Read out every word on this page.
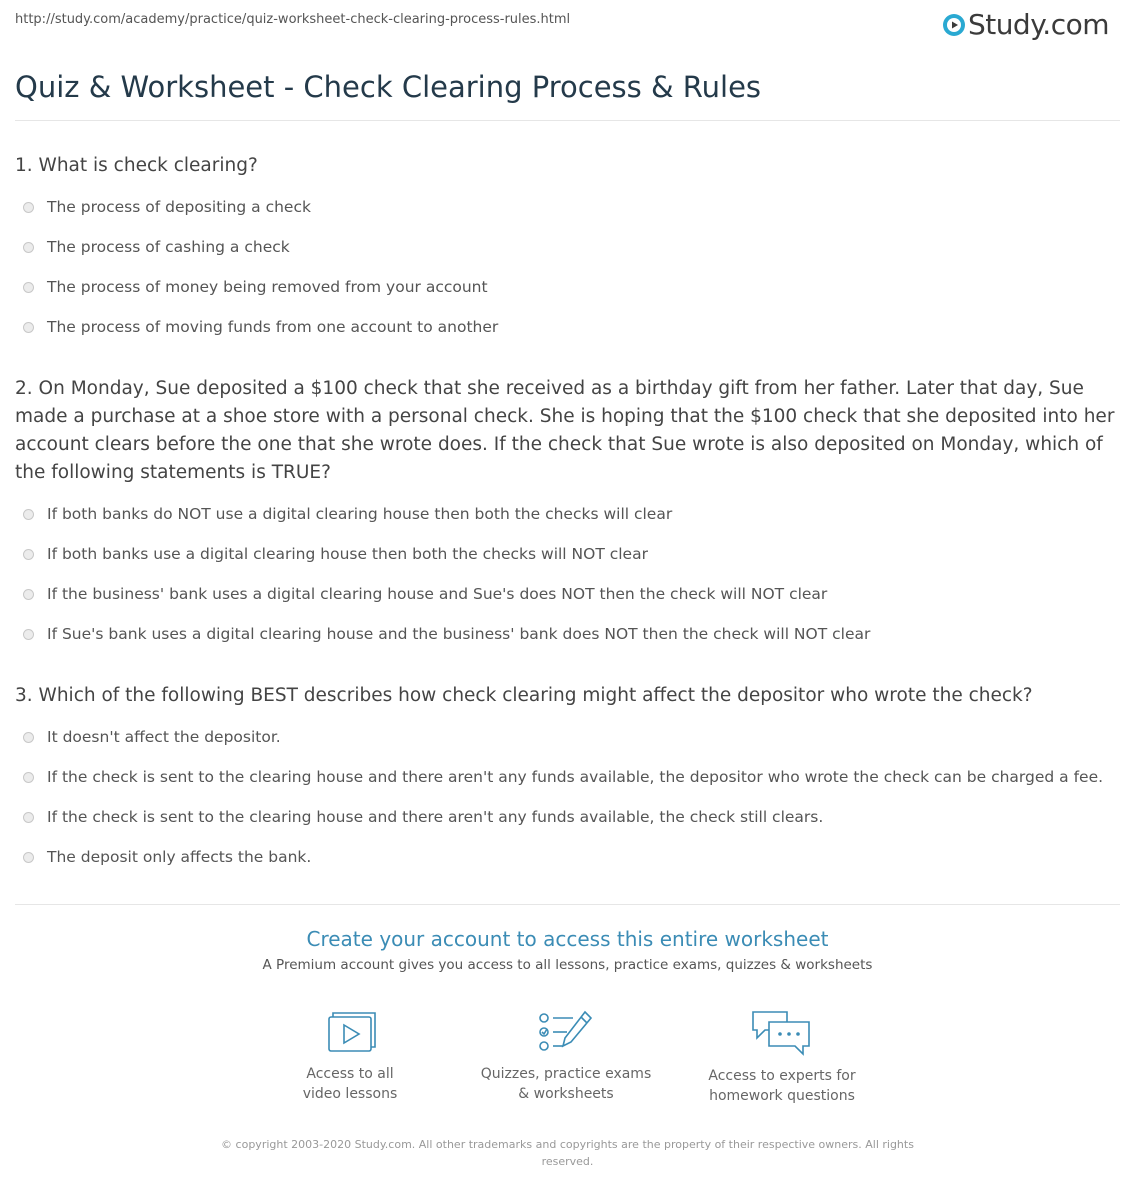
http://study.com/academy/practice/quiz-worksheet-check-clearing-process-rules.html	Study.com
Quiz & Worksheet - Check Clearing Process & Rules
1. What is check clearing?
The process of depositing a check
The process of cashing a check
The process of money being removed from your account
The process of moving funds from one account to another
2. On Monday, Sue deposited a $100 check that she received as a birthday gift from her father. Later that day, Sue made a purchase at a shoe store with a personal check. She is hoping that the $100 check that she deposited into her account clears before the one that she wrote does. If the check that Sue wrote is also deposited on Monday, which of the following statements is TRUE?
If both banks do NOT use a digital clearing house then both the checks will clear
If both banks use a digital clearing house then both the checks will NOT clear
If the business' bank uses a digital clearing house and Sue's does NOT then the check will NOT clear
If Sue's bank uses a digital clearing house and the business' bank does NOT then the check will NOT clear
3. Which of the following BEST describes how check clearing might affect the depositor who wrote the check?
It doesn't affect the depositor.
If the check is sent to the clearing house and there aren't any funds available, the depositor who wrote the check can be charged a fee.
If the check is sent to the clearing house and there aren't any funds available, the check still clears.
The deposit only affects the bank.
Create your account to access this entire worksheet
A Premium account gives you access to all lessons, practice exams, quizzes & worksheets
Access to all
video lessons
Quizzes, practice exams
& worksheets
Access to experts for
homework questions
© copyright 2003-2020 Study.com. All other trademarks and copyrights are the property of their respective owners. All rights reserved.
